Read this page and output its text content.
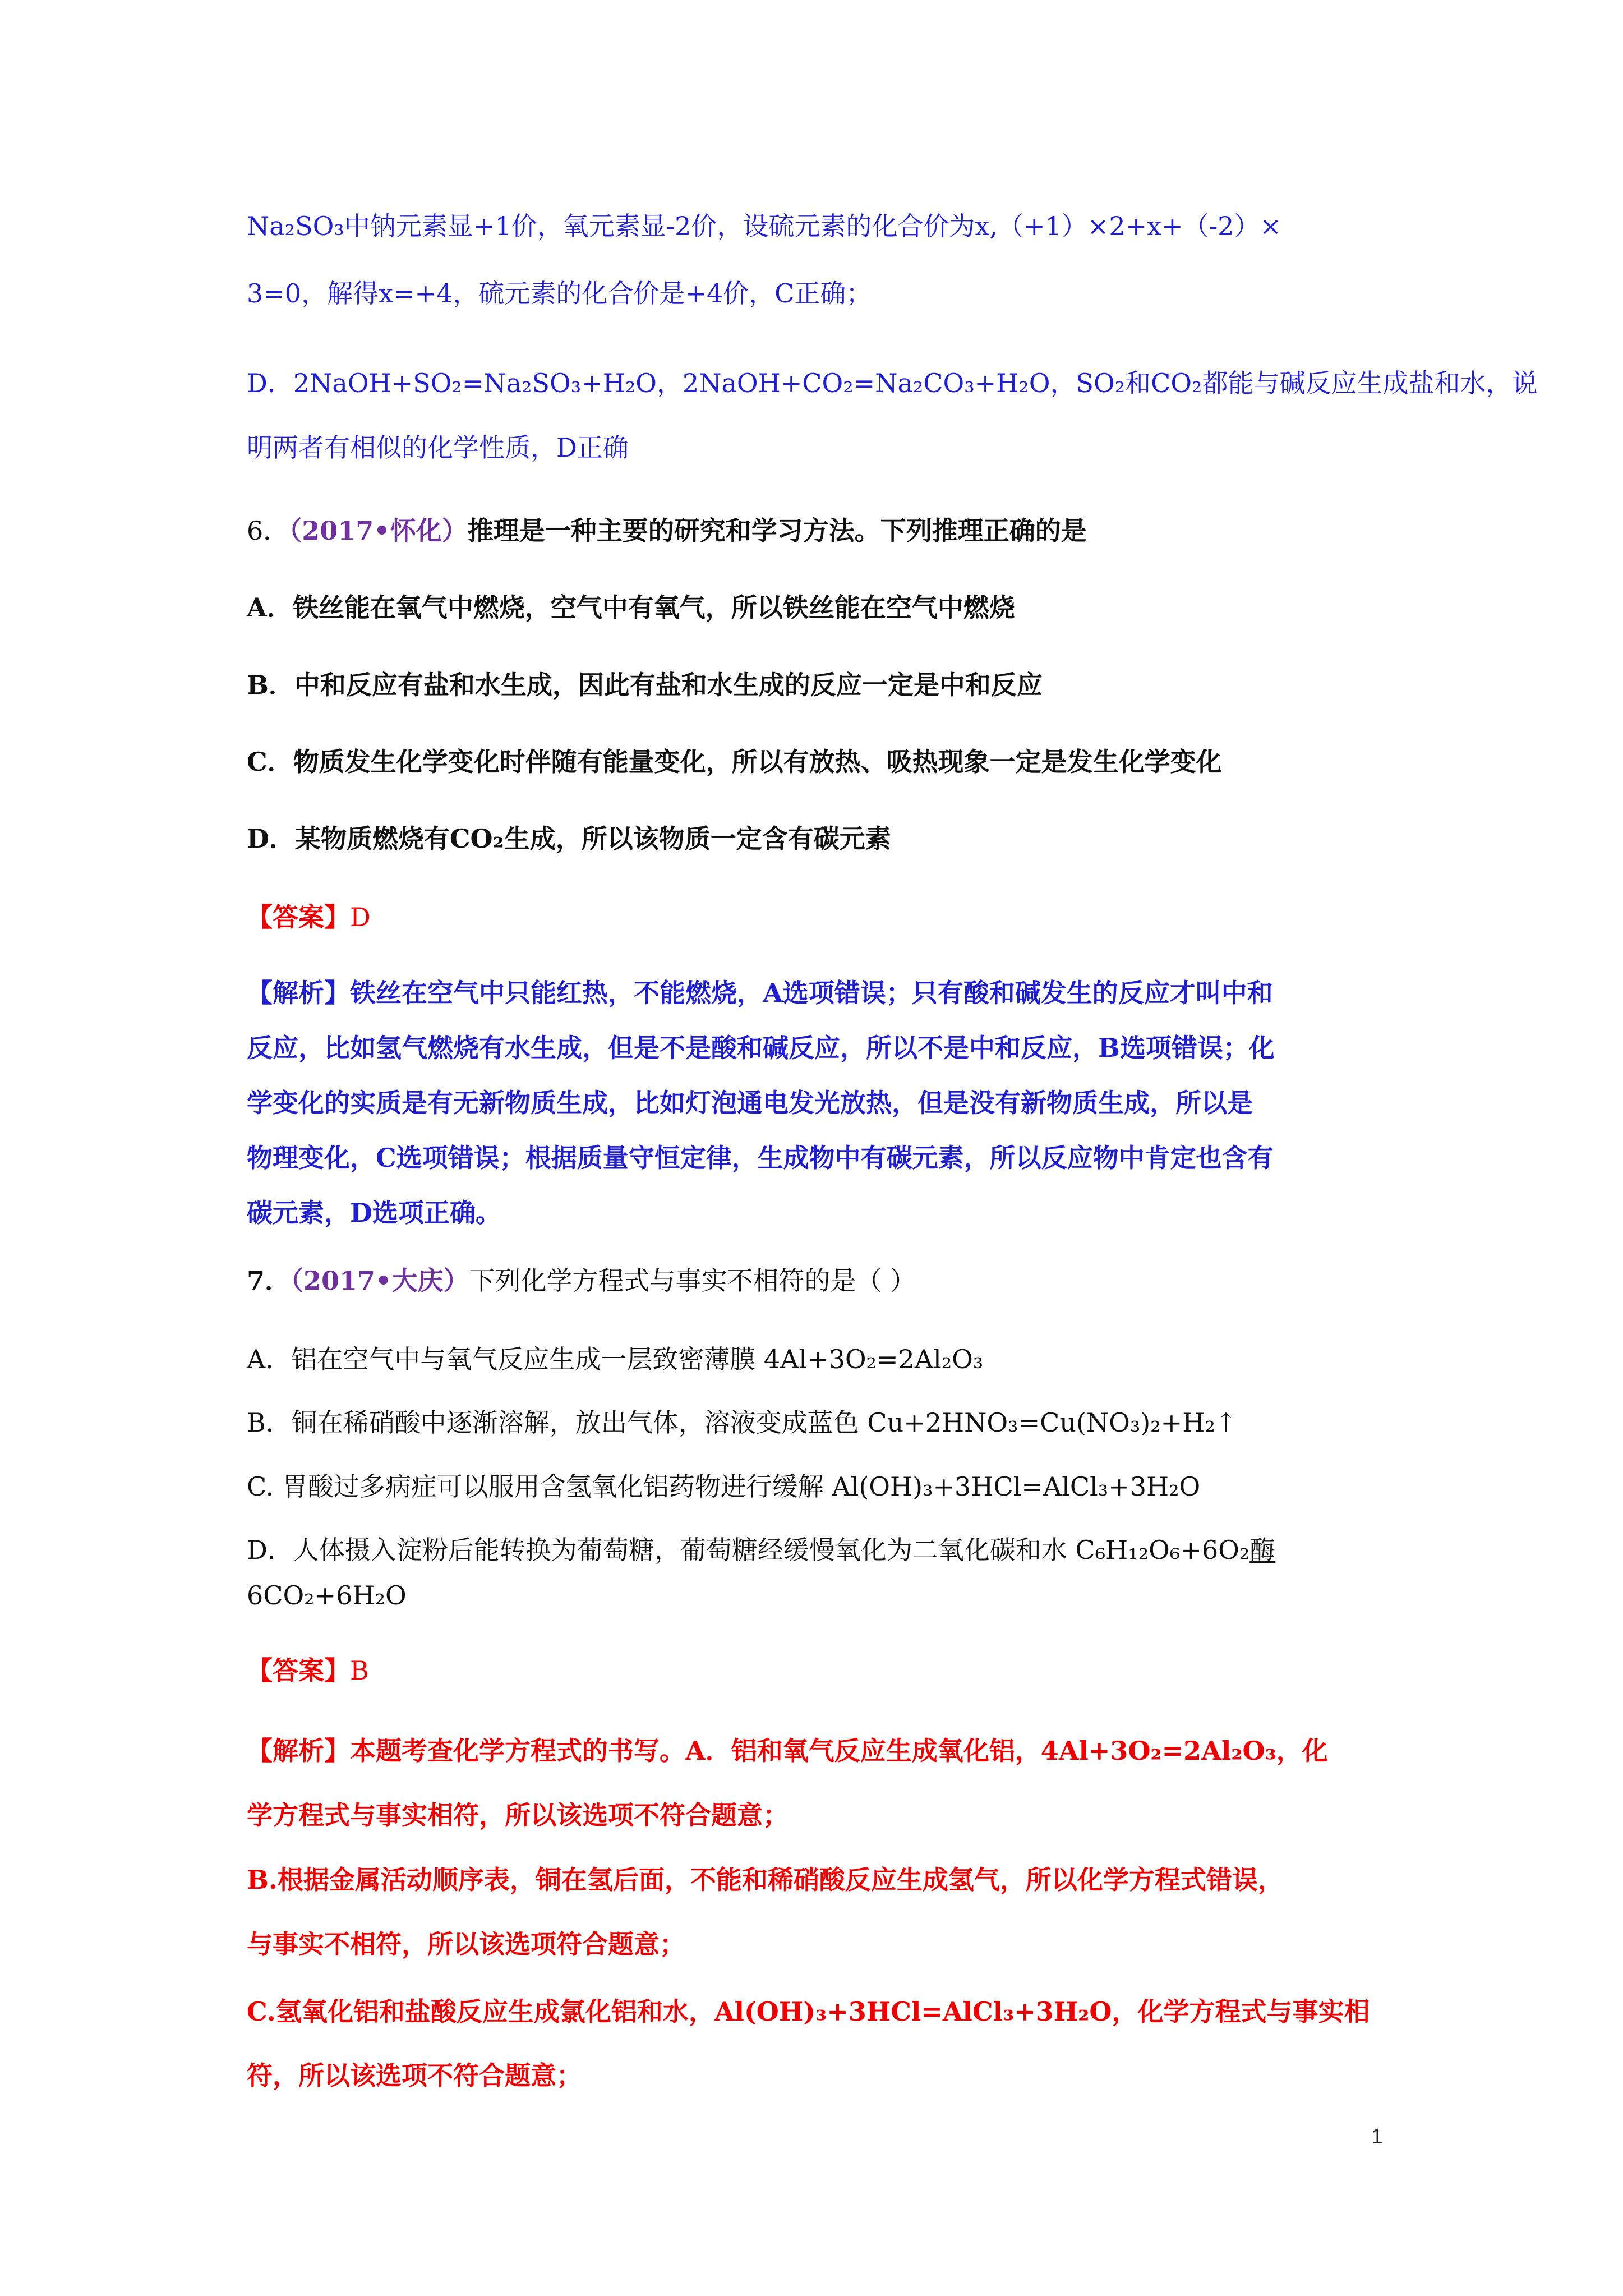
Na₂SO₃中钠元素显+1价，氧元素显-2价，设硫元素的化合价为x,（+1）×2+x+（-2）×
3=0，解得x=+4，硫元素的化合价是+4价，C正确；
D．2NaOH+SO₂=Na₂SO₃+H₂O，2NaOH+CO₂=Na₂CO₃+H₂O，SO₂和CO₂都能与碱反应生成盐和水，说
明两者有相似的化学性质，D正确
6．（2017•怀化）推理是一种主要的研究和学习方法。下列推理正确的是
A．铁丝能在氧气中燃烧，空气中有氧气，所以铁丝能在空气中燃烧
B．中和反应有盐和水生成，因此有盐和水生成的反应一定是中和反应
C．物质发生化学变化时伴随有能量变化，所以有放热、吸热现象一定是发生化学变化
D．某物质燃烧有CO₂生成，所以该物质一定含有碳元素
【答案】D
【解析】铁丝在空气中只能红热，不能燃烧，A选项错误；只有酸和碱发生的反应才叫中和
反应，比如氢气燃烧有水生成，但是不是酸和碱反应，所以不是中和反应，B选项错误；化
学变化的实质是有无新物质生成，比如灯泡通电发光放热，但是没有新物质生成，所以是
物理变化，C选项错误；根据质量守恒定律，生成物中有碳元素，所以反应物中肯定也含有
碳元素，D选项正确。
7．（2017•大庆）下列化学方程式与事实不相符的是（ ）
A．铝在空气中与氧气反应生成一层致密薄膜 4Al+3O₂=2Al₂O₃
B．铜在稀硝酸中逐渐溶解，放出气体，溶液变成蓝色 Cu+2HNO₃=Cu(NO₃)₂+H₂↑
C. 胃酸过多病症可以服用含氢氧化铝药物进行缓解 Al(OH)₃+3HCl=AlCl₃+3H₂O
D．人体摄入淀粉后能转换为葡萄糖，葡萄糖经缓慢氧化为二氧化碳和水 C₆H₁₂O₆+6O₂酶
6CO₂+6H₂O
【答案】B
【解析】本题考查化学方程式的书写。A．铝和氧气反应生成氧化铝，4Al+3O₂=2Al₂O₃，化
学方程式与事实相符，所以该选项不符合题意；
B.根据金属活动顺序表，铜在氢后面，不能和稀硝酸反应生成氢气，所以化学方程式错误，
与事实不相符，所以该选项符合题意；
C.氢氧化铝和盐酸反应生成氯化铝和水，Al(OH)₃+3HCl=AlCl₃+3H₂O，化学方程式与事实相
符，所以该选项不符合题意；
1
